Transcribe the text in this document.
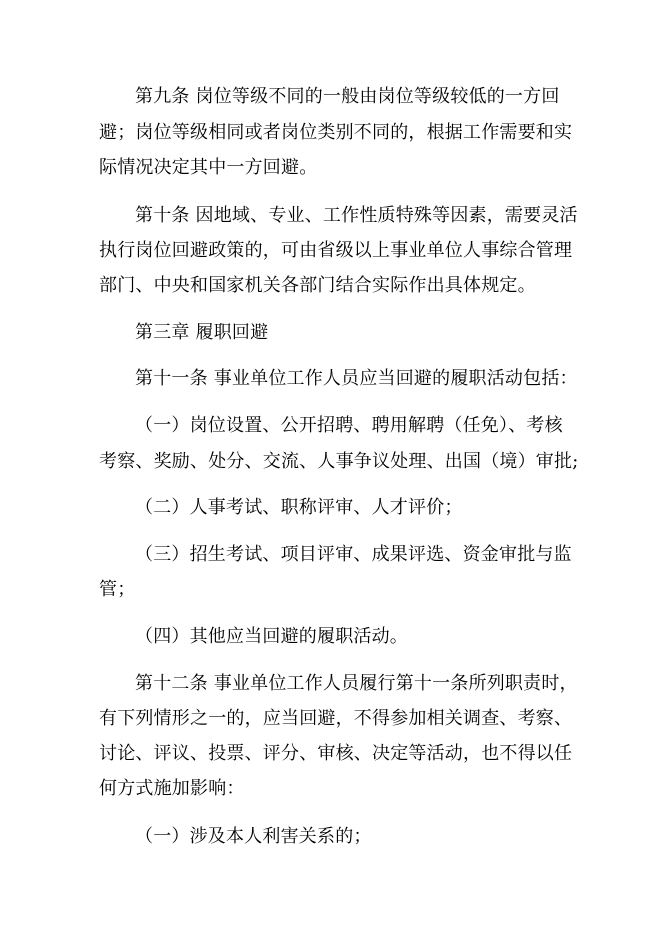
第九条 岗位等级不同的一般由岗位等级较低的一方回
避；岗位等级相同或者岗位类别不同的，根据工作需要和实
际情况决定其中一方回避。
第十条 因地域、专业、工作性质特殊等因素，需要灵活
执行岗位回避政策的，可由省级以上事业单位人事综合管理
部门、中央和国家机关各部门结合实际作出具体规定。
第三章 履职回避
第十一条 事业单位工作人员应当回避的履职活动包括：
（一）岗位设置、公开招聘、聘用解聘（任免）、考核
考察、奖励、处分、交流、人事争议处理、出国（境）审批;
（二）人事考试、职称评审、人才评价；
（三）招生考试、项目评审、成果评选、资金审批与监
管；
（四）其他应当回避的履职活动。
第十二条 事业单位工作人员履行第十一条所列职责时，
有下列情形之一的，应当回避，不得参加相关调查、考察、
讨论、评议、投票、评分、审核、决定等活动，也不得以任
何方式施加影响：
（一）涉及本人利害关系的；
